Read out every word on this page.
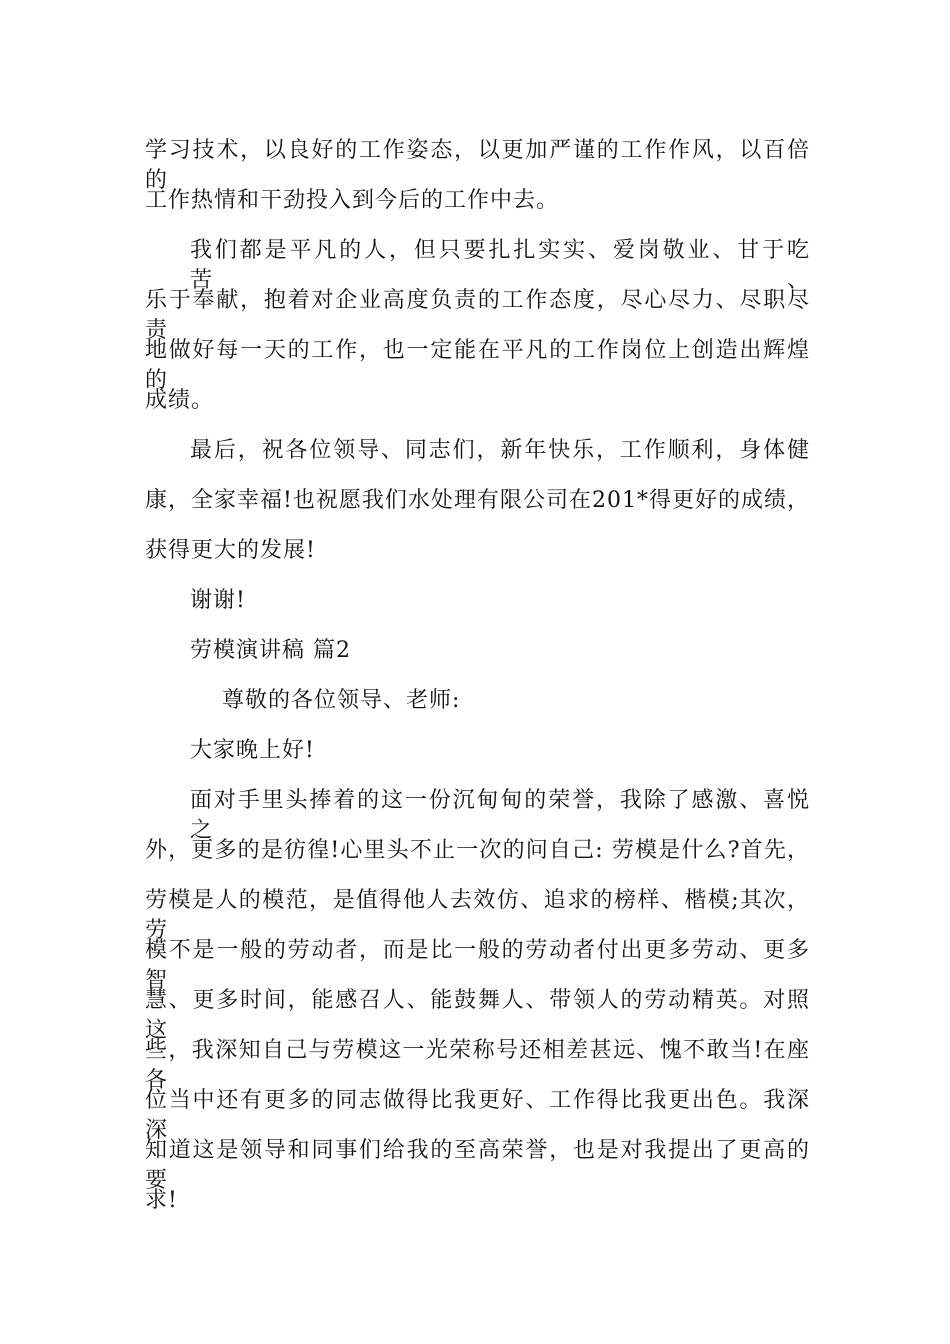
学习技术，以良好的工作姿态，以更加严谨的工作作风，以百倍的
工作热情和干劲投入到今后的工作中去。
我们都是平凡的人，但只要扎扎实实、爱岗敬业、甘于吃苦、
乐于奉献，抱着对企业高度负责的工作态度，尽心尽力、尽职尽责
地做好每一天的工作，也一定能在平凡的工作岗位上创造出辉煌的
成绩。
最后，祝各位领导、同志们，新年快乐，工作顺利，身体健
康，全家幸福!也祝愿我们水处理有限公司在201*得更好的成绩，
获得更大的发展!
谢谢!
劳模演讲稿 篇2
尊敬的各位领导、老师:
大家晚上好!
面对手里头捧着的这一份沉甸甸的荣誉，我除了感激、喜悦之
外，更多的是彷徨!心里头不止一次的问自己: 劳模是什么?首先，
劳模是人的模范，是值得他人去效仿、追求的榜样、楷模;其次，劳
模不是一般的劳动者，而是比一般的劳动者付出更多劳动、更多智
慧、更多时间，能感召人、能鼓舞人、带领人的劳动精英。对照这
些，我深知自己与劳模这一光荣称号还相差甚远、愧不敢当!在座各
位当中还有更多的同志做得比我更好、工作得比我更出色。我深深
知道这是领导和同事们给我的至高荣誉，也是对我提出了更高的要
求!
